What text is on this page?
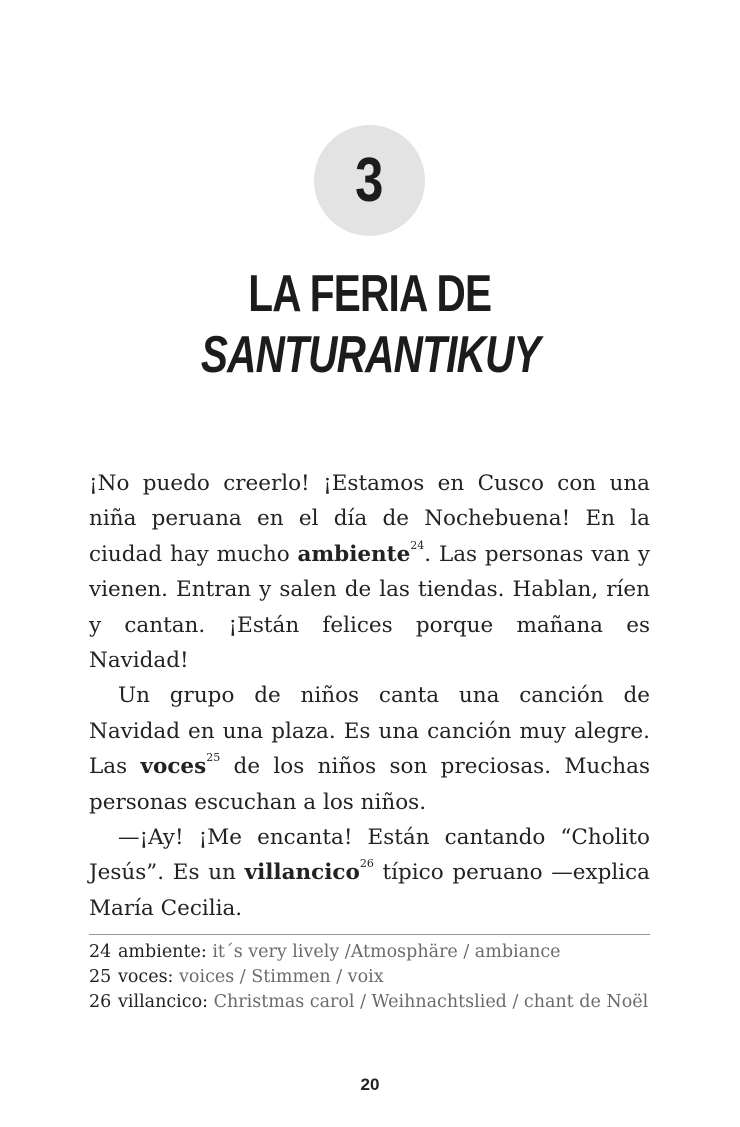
3
LA FERIA DE
SANTURANTIKUY

¡No puedo creerlo! ¡Estamos en Cusco con una niña peruana en el día de Nochebuena! En la ciudad hay mucho ambiente$^{24}$. Las personas van y vienen. Entran y salen de las tiendas. Hablan, ríen y cantan. ¡Están felices porque mañana es Navidad!

Un grupo de niños canta una canción de Navidad en una plaza. Es una canción muy alegre. Las voces$^{25}$ de los niños son preciosas. Muchas personas escuchan a los niños.

—¡Ay! ¡Me encanta! Están cantando “Cholito Jesús”. Es un villancico$^{26}$ típico peruano —explica María Cecilia.

24 ambiente: it´s very lively /Atmosphäre / ambiance
25 voces: voices / Stimmen / voix
26 villancico: Christmas carol / Weihnachtslied / chant de Noël
20
